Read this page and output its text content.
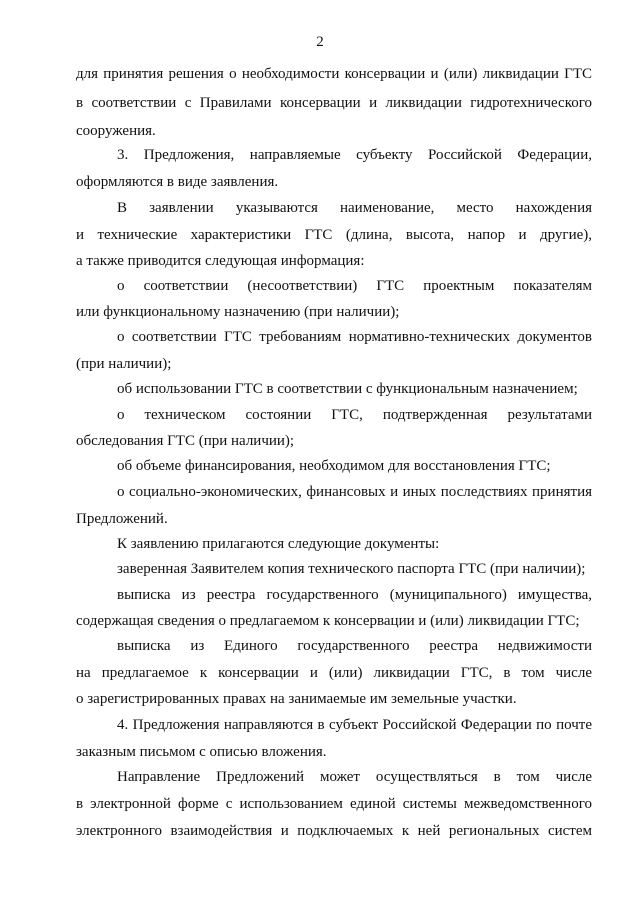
2
для принятия решения о необходимости консервации и (или) ликвидации ГТС
в соответствии с Правилами консервации и ликвидации гидротехнического
сооружения.
3. Предложения, направляемые субъекту Российской Федерации,
оформляются в виде заявления.
В заявлении указываются наименование, место нахождения
и технические характеристики ГТС (длина, высота, напор и другие),
а также приводится следующая информация:
о соответствии (несоответствии) ГТС проектным показателям
или функциональному назначению (при наличии);
о соответствии ГТС требованиям нормативно-технических документов
(при наличии);
об использовании ГТС в соответствии с функциональным назначением;
о техническом состоянии ГТС, подтвержденная результатами
обследования ГТС (при наличии);
об объеме финансирования, необходимом для восстановления ГТС;
о социально-экономических, финансовых и иных последствиях принятия
Предложений.
К заявлению прилагаются следующие документы:
заверенная Заявителем копия технического паспорта ГТС (при наличии);
выписка из реестра государственного (муниципального) имущества,
содержащая сведения о предлагаемом к консервации и (или) ликвидации ГТС;
выписка из Единого государственного реестра недвижимости
на предлагаемое к консервации и (или) ликвидации ГТС, в том числе
о зарегистрированных правах на занимаемые им земельные участки.
4. Предложения направляются в субъект Российской Федерации по почте
заказным письмом с описью вложения.
Направление Предложений может осуществляться в том числе
в электронной форме с использованием единой системы межведомственного
электронного взаимодействия и подключаемых к ней региональных систем
